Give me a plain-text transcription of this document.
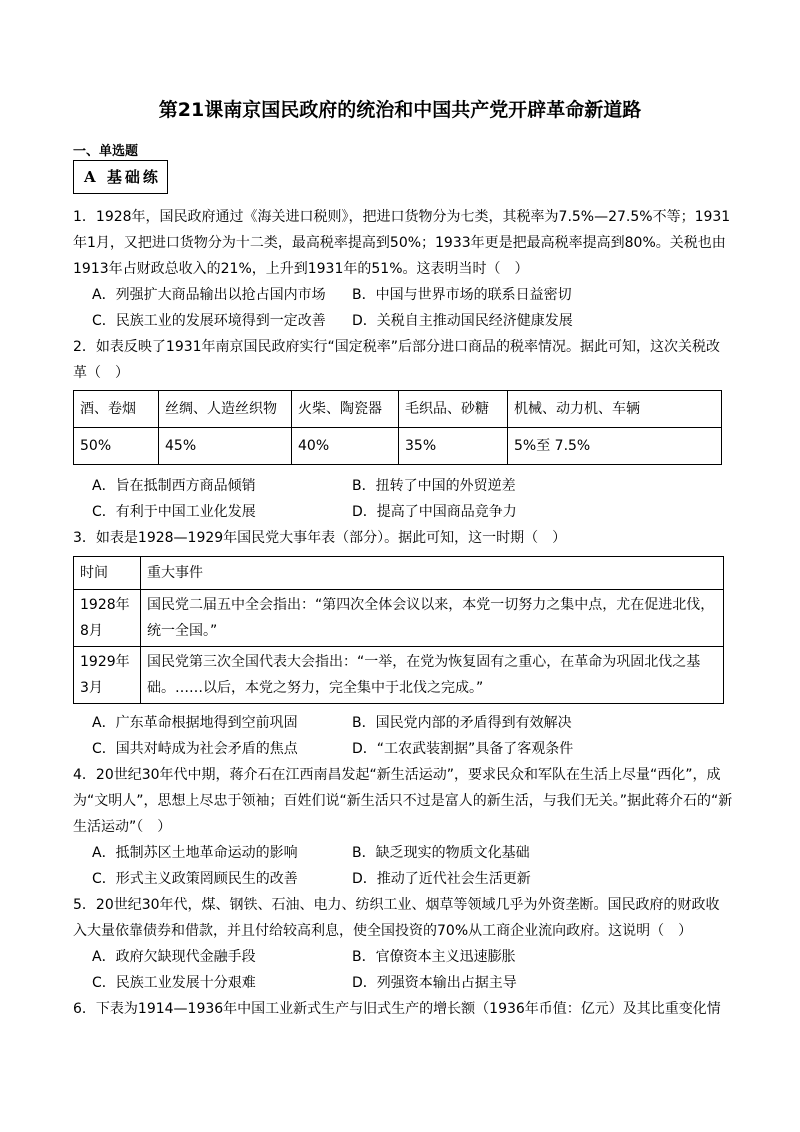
第21课南京国民政府的统治和中国共产党开辟革命新道路
一、单选题
A 基础练
1．1928年，国民政府通过《海关进口税则》，把进口货物分为七类，其税率为7.5%—27.5%不等；1931 年1月，又把进口货物分为十二类，最高税率提高到50%；1933年更是把最高税率提高到80%。关税也由1913年占财政总收入的21%，上升到1931年的51%。这表明当时（　）
A．列强扩大商品输出以抢占国内市场 B．中国与世界市场的联系日益密切
C．民族工业的发展环境得到一定改善 D．关税自主推动国民经济健康发展
2．如表反映了1931年南京国民政府实行“国定税率”后部分进口商品的税率情况。据此可知，这次关税改革（　）
酒、卷烟	丝绸、人造丝织物	火柴、陶瓷器	毛织品、砂糖	机械、动力机、车辆
50%	45%	40%	35%	5%至 7.5%
A．旨在抵制西方商品倾销	B．扭转了中国的外贸逆差
C．有利于中国工业化发展	D．提高了中国商品竞争力
3．如表是1928—1929年国民党大事年表（部分）。据此可知，这一时期（　）
时间	重大事件
1928年8月	国民党二届五中全会指出：“第四次全体会议以来，本党一切努力之集中点，尤在促进北伐，统一全国。”
1929年3月	国民党第三次全国代表大会指出：“一举，在党为恢复固有之重心，在革命为巩固北伐之基础。……以后，本党之努力，完全集中于北伐之完成。”
A．广东革命根据地得到空前巩固	B．国民党内部的矛盾得到有效解决
C．国共对峙成为社会矛盾的焦点	D．“工农武装割据”具备了客观条件
4．20世纪30年代中期，蒋介石在江西南昌发起“新生活运动”，要求民众和军队在生活上尽量“西化”，成为“文明人”，思想上尽忠于领袖；百姓们说“新生活只不过是富人的新生活，与我们无关。”据此蒋介石的“新生活运动”（　）
A．抵制苏区土地革命运动的影响	B．缺乏现实的物质文化基础
C．形式主义政策罔顾民生的改善	D．推动了近代社会生活更新
5．20世纪30年代，煤、钢铁、石油、电力、纺织工业、烟草等领域几乎为外资垄断。国民政府的财政收入大量依靠债券和借款，并且付给较高利息，使全国投资的70%从工商企业流向政府。这说明（　）
A．政府欠缺现代金融手段	B．官僚资本主义迅速膨胀
C．民族工业发展十分艰难	D．列强资本输出占据主导
6．下表为1914—1936年中国工业新式生产与旧式生产的增长额（1936年币值：亿元）及其比重变化情
